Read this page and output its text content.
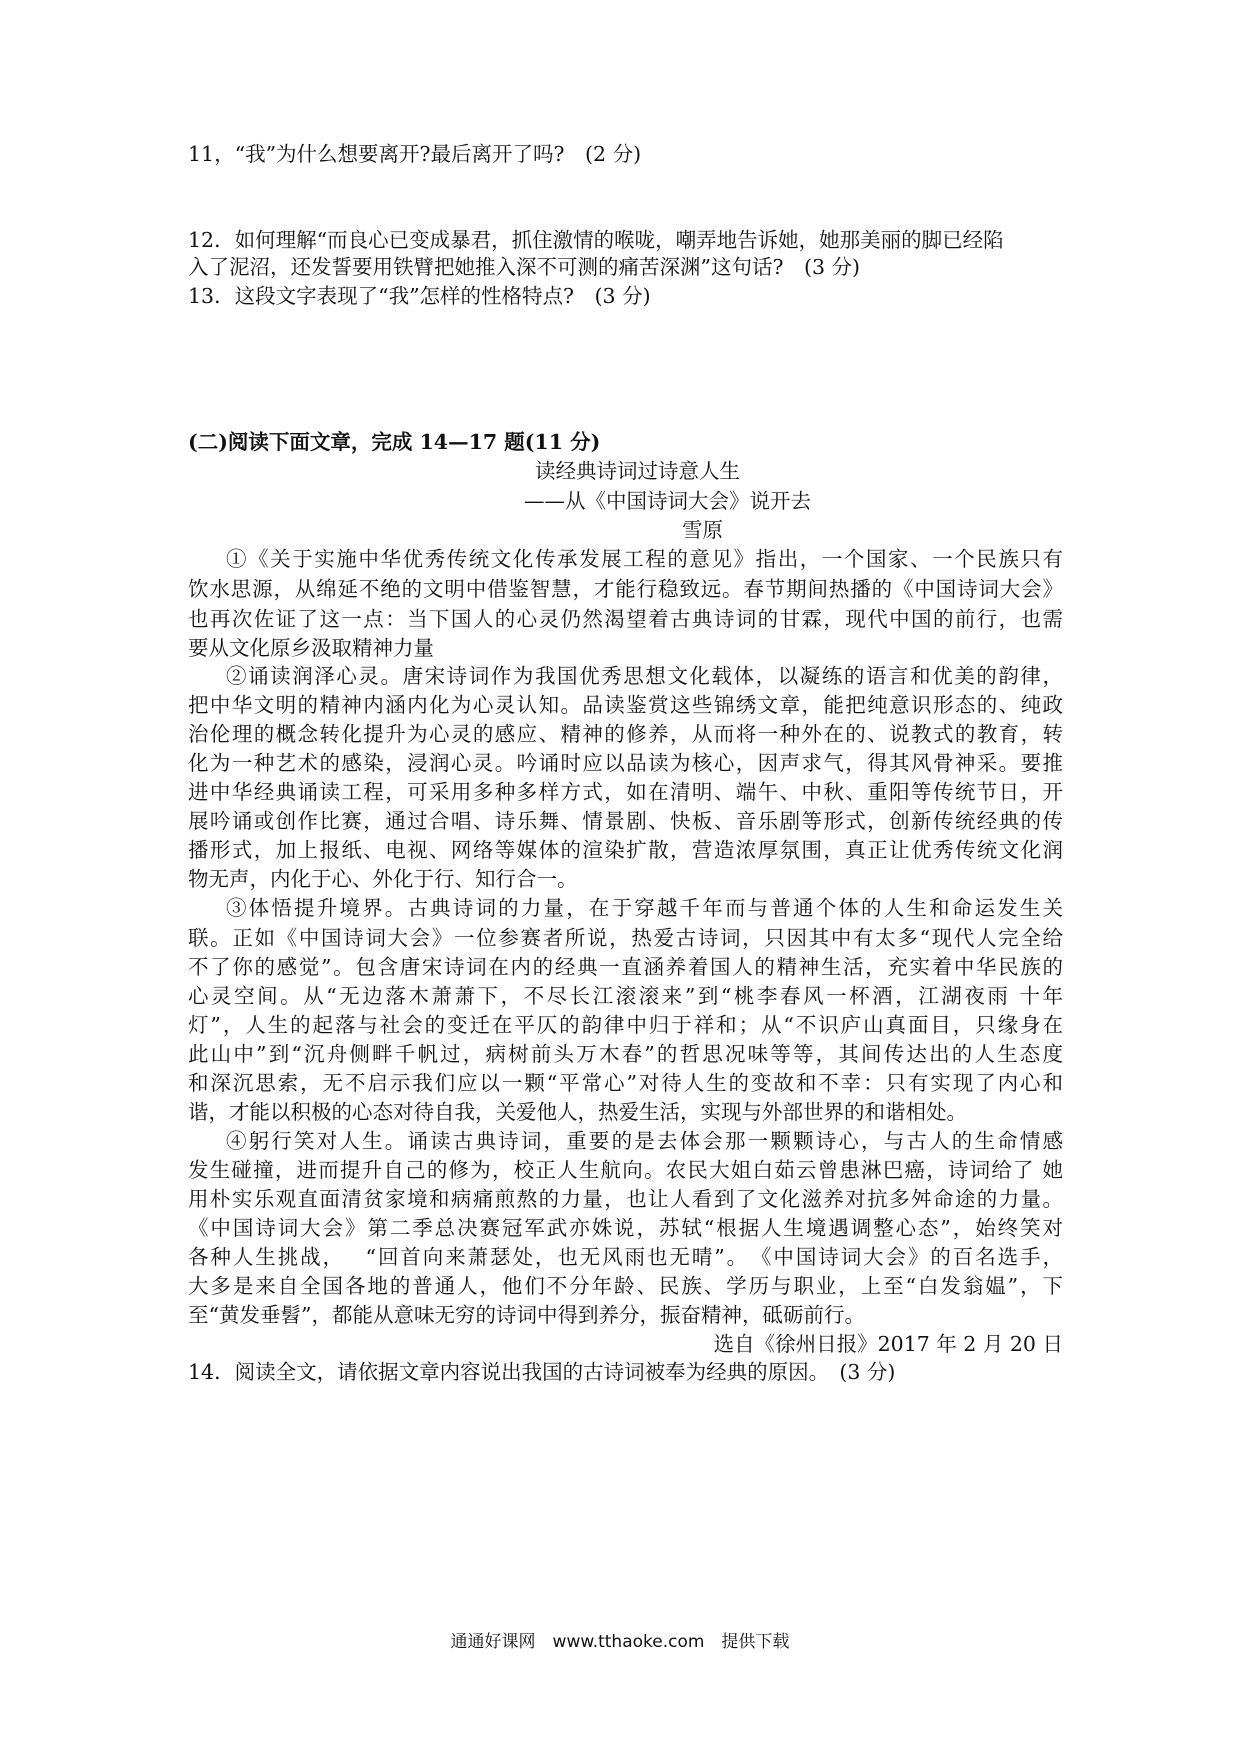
11，“我”为什么想要离开?最后离开了吗?　(2 分)
12．如何理解“而良心已变成暴君，抓住激情的喉咙，嘲弄地告诉她，她那美丽的脚已经陷
入了泥沼，还发誓要用铁臂把她推入深不可测的痛苦深渊”这句话?　(3 分)
13．这段文字表现了“我”怎样的性格特点?　(3 分)
(二)阅读下面文章，完成 14—17 题(11 分)
读经典诗词过诗意人生
——从《中国诗词大会》说开去
雪原
①《关于实施中华优秀传统文化传承发展工程的意见》指出，一个国家、一个民族只有
饮水思源，从绵延不绝的文明中借鉴智慧，才能行稳致远。春节期间热播的《中国诗词大会》
也再次佐证了这一点：当下国人的心灵仍然渴望着古典诗词的甘霖，现代中国的前行，也需
要从文化原乡汲取精神力量
②诵读润泽心灵。唐宋诗词作为我国优秀思想文化载体，以凝练的语言和优美的韵律，
把中华文明的精神内涵内化为心灵认知。品读鉴赏这些锦绣文章，能把纯意识形态的、纯政
治伦理的概念转化提升为心灵的感应、精神的修养，从而将一种外在的、说教式的教育，转
化为一种艺术的感染，浸润心灵。吟诵时应以品读为核心，因声求气，得其风骨神采。要推
进中华经典诵读工程，可采用多种多样方式，如在清明、端午、中秋、重阳等传统节日，开
展吟诵或创作比赛，通过合唱、诗乐舞、情景剧、快板、音乐剧等形式，创新传统经典的传
播形式，加上报纸、电视、网络等媒体的渲染扩散，营造浓厚氛围，真正让优秀传统文化润
物无声，内化于心、外化于行、知行合一。
③体悟提升境界。古典诗词的力量，在于穿越千年而与普通个体的人生和命运发生关
联。正如《中国诗词大会》一位参赛者所说，热爱古诗词，只因其中有太多“现代人完全给
不了你的感觉”。包含唐宋诗词在内的经典一直涵养着国人的精神生活，充实着中华民族的
心灵空间。从“无边落木萧萧下，不尽长江滚滚来”到“桃李春风一杯酒，江湖夜雨 十年
灯”，人生的起落与社会的变迁在平仄的韵律中归于祥和；从“不识庐山真面目，只缘身在
此山中”到“沉舟侧畔千帆过，病树前头万木春”的哲思况味等等，其间传达出的人生态度
和深沉思索，无不启示我们应以一颗“平常心”对待人生的变故和不幸：只有实现了内心和
谐，才能以积极的心态对待自我，关爱他人，热爱生活，实现与外部世界的和谐相处。
④躬行笑对人生。诵读古典诗词，重要的是去体会那一颗颗诗心，与古人的生命情感
发生碰撞，进而提升自己的修为，校正人生航向。农民大姐白茹云曾患淋巴癌，诗词给了 她
用朴实乐观直面清贫家境和病痛煎熬的力量，也让人看到了文化滋养对抗多舛命途的力量。
《中国诗词大会》第二季总决赛冠军武亦姝说，苏轼“根据人生境遇调整心态”，始终笑对
各种人生挑战，　 “回首向来萧瑟处，也无风雨也无晴”。　《中国诗词大会》的百名选手，
大多是来自全国各地的普通人，他们不分年龄、民族、学历与职业，上至“白发翁媪”，下
至“黄发垂髫”，都能从意味无穷的诗词中得到养分，振奋精神，砥砺前行。
选自《徐州日报》2017 年 2 月 20 日
14．阅读全文，请依据文章内容说出我国的古诗词被奉为经典的原因。　(3 分)
通通好课网　www.tthaoke.com　提供下载
